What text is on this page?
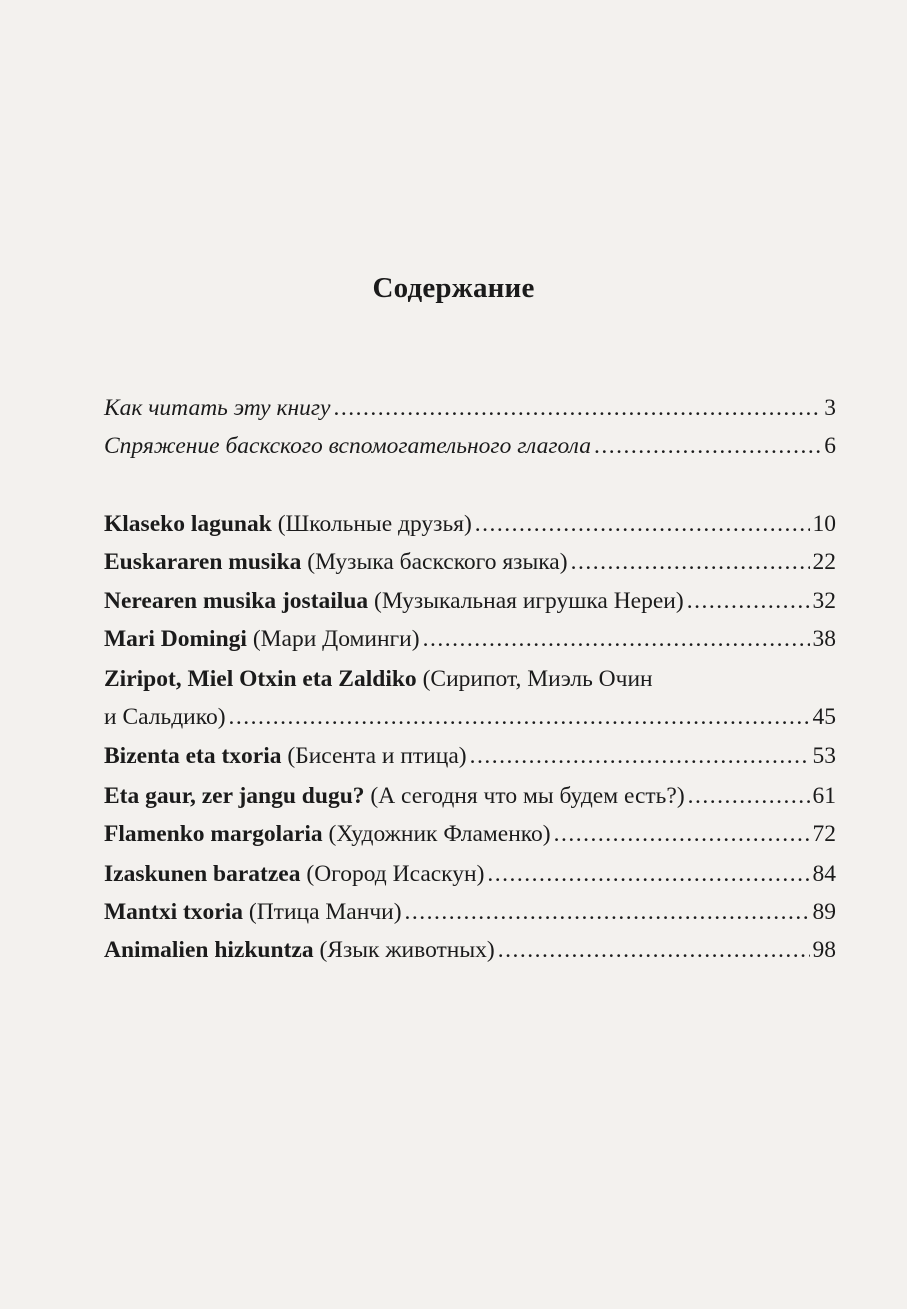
Содержание
Как читать эту книгу .....	3
Спряжение баскского вспомогательного глагола .....	6
Klaseko lagunak (Школьные друзья) .....	10
Euskararen musika (Музыка баскского языка) .....	22
Nerearen musika jostailua (Музыкальная игрушка Нереи) .....	32
Mari Domingi (Мари Доминги) .....	38
Ziripot, Miel Otxin eta Zaldiko (Сирипот, Миэль Очин
и Сальдико) .....	45
Bizenta eta txoria (Бисента и птица) .....	53
Eta gaur, zer jangu dugu? (А сегодня что мы будем есть?) .....	61
Flamenko margolaria (Художник Фламенко) .....	72
Izaskunen baratzea (Огород Исаскун) .....	84
Mantxi txoria (Птица Манчи) .....	89
Animalien hizkuntza (Язык животных) .....	98
